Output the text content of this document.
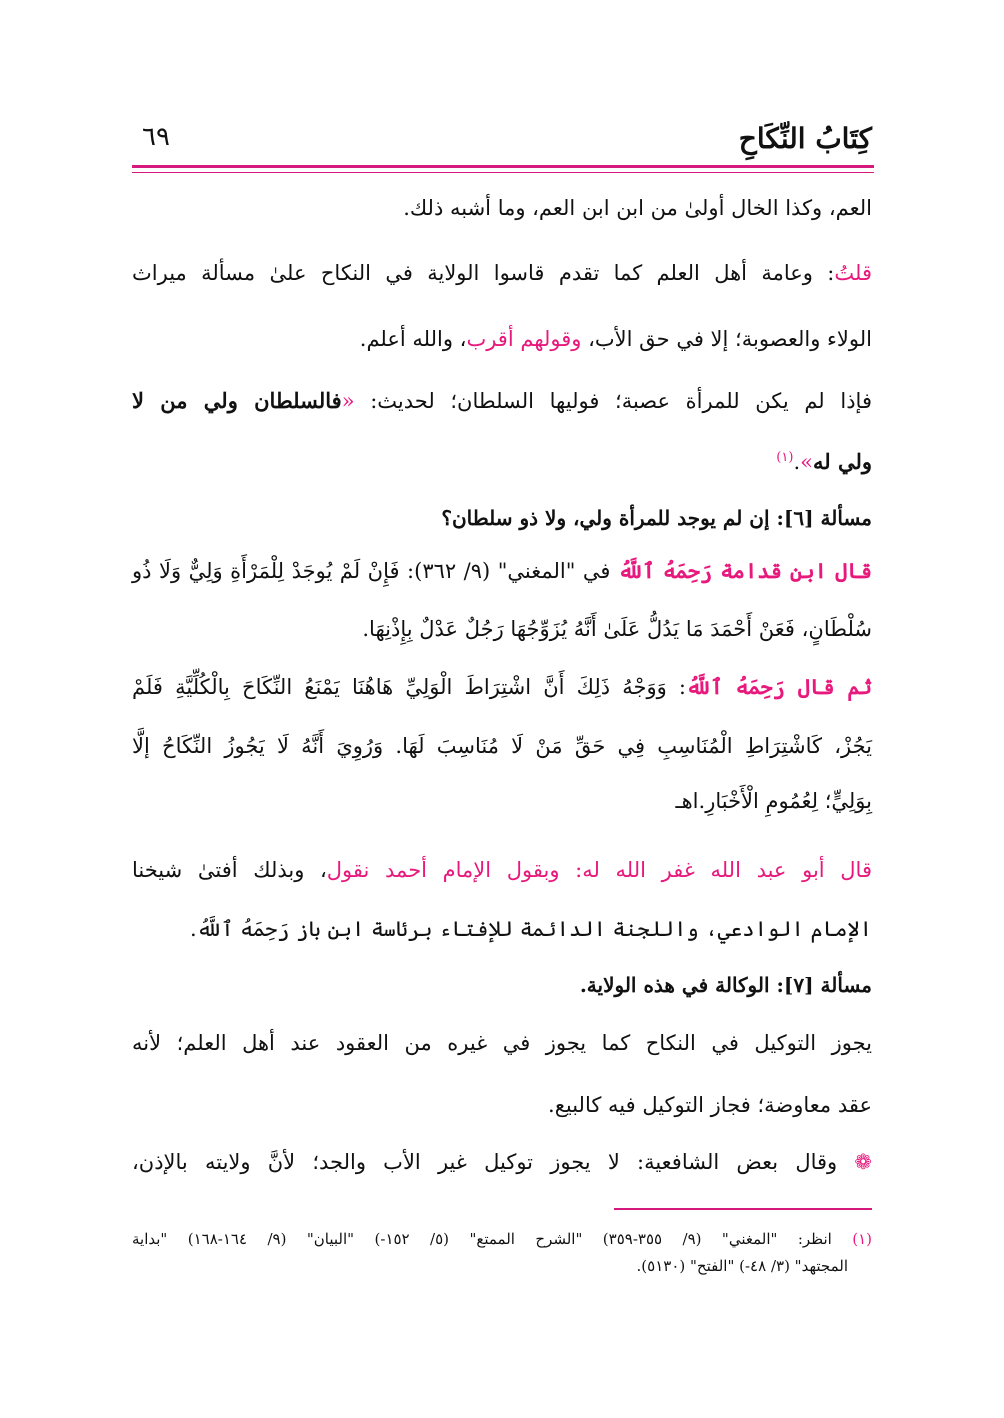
كِتَابُ النِّكَاحِ
٦٩
العم، وكذا الخال أولىٰ من ابن ابن العم، وما أشبه ذلك.
قلتُ: وعامة أهل العلم كما تقدم قاسوا الولاية في النكاح علىٰ مسألة ميراث
الولاء والعصوبة؛ إلا في حق الأب، وقولهم أقرب، والله أعلم.
فإذا لم يكن للمرأة عصبة؛ فوليها السلطان؛ لحديث: «فالسلطان ولي من لا
ولي له».$^{(١)}$
مسألة [٦]: إن لم يوجد للمرأة ولي، ولا ذو سلطان؟
قال ابن قدامة رَحِمَهُ ٱللَّهُ في "المغني" (٩/ ٣٦٢): فَإِنْ لَمْ يُوجَدْ لِلْمَرْأَةِ وَلِيٌّ وَلَا ذُو
سُلْطَانٍ، فَعَنْ أَحْمَدَ مَا يَدُلُّ عَلَىٰ أَنَّهُ يُزَوِّجُهَا رَجُلٌ عَدْلٌ بِإِذْنِهَا.
ثم قال رَحِمَهُ ٱللَّهُ: وَوَجْهُ ذَلِكَ أَنَّ اشْتِرَاطَ الْوَلِيِّ هَاهُنَا يَمْنَعُ النِّكَاحَ بِالْكُلِّيَّةِ فَلَمْ
يَجُزْ، كَاشْتِرَاطِ الْمُنَاسِبِ فِي حَقِّ مَنْ لَا مُنَاسِبَ لَهَا. وَرُوِيَ أَنَّهُ لَا يَجُوزُ النِّكَاحُ إلَّا
بِوَلِيٍّ؛ لِعُمُومِ الْأَخْبَارِ.اهـ
قال أبو عبد الله غفر الله له: وبقول الإمام أحمد نقول، وبذلك أفتىٰ شيخنا
الإمام الوادعي، واللجنة الدائمة للإفتاء برئاسة ابن باز رَحِمَهُ ٱللَّهُ.
مسألة [٧]: الوكالة في هذه الولاية.
يجوز التوكيل في النكاح كما يجوز في غيره من العقود عند أهل العلم؛ لأنه
عقد معاوضة؛ فجاز التوكيل فيه كالبيع.
❁ وقال بعض الشافعية: لا يجوز توكيل غير الأب والجد؛ لأنَّ ولايته بالإذن،
(١) انظر: "المغني" (٩/ ٣٥٥-٣٥٩) "الشرح الممتع" (٥/ ١٥٢-) "البيان" (٩/ ١٦٤-١٦٨) "بداية
المجتهد" (٣/ ٤٨-) "الفتح" (٥١٣٠).
